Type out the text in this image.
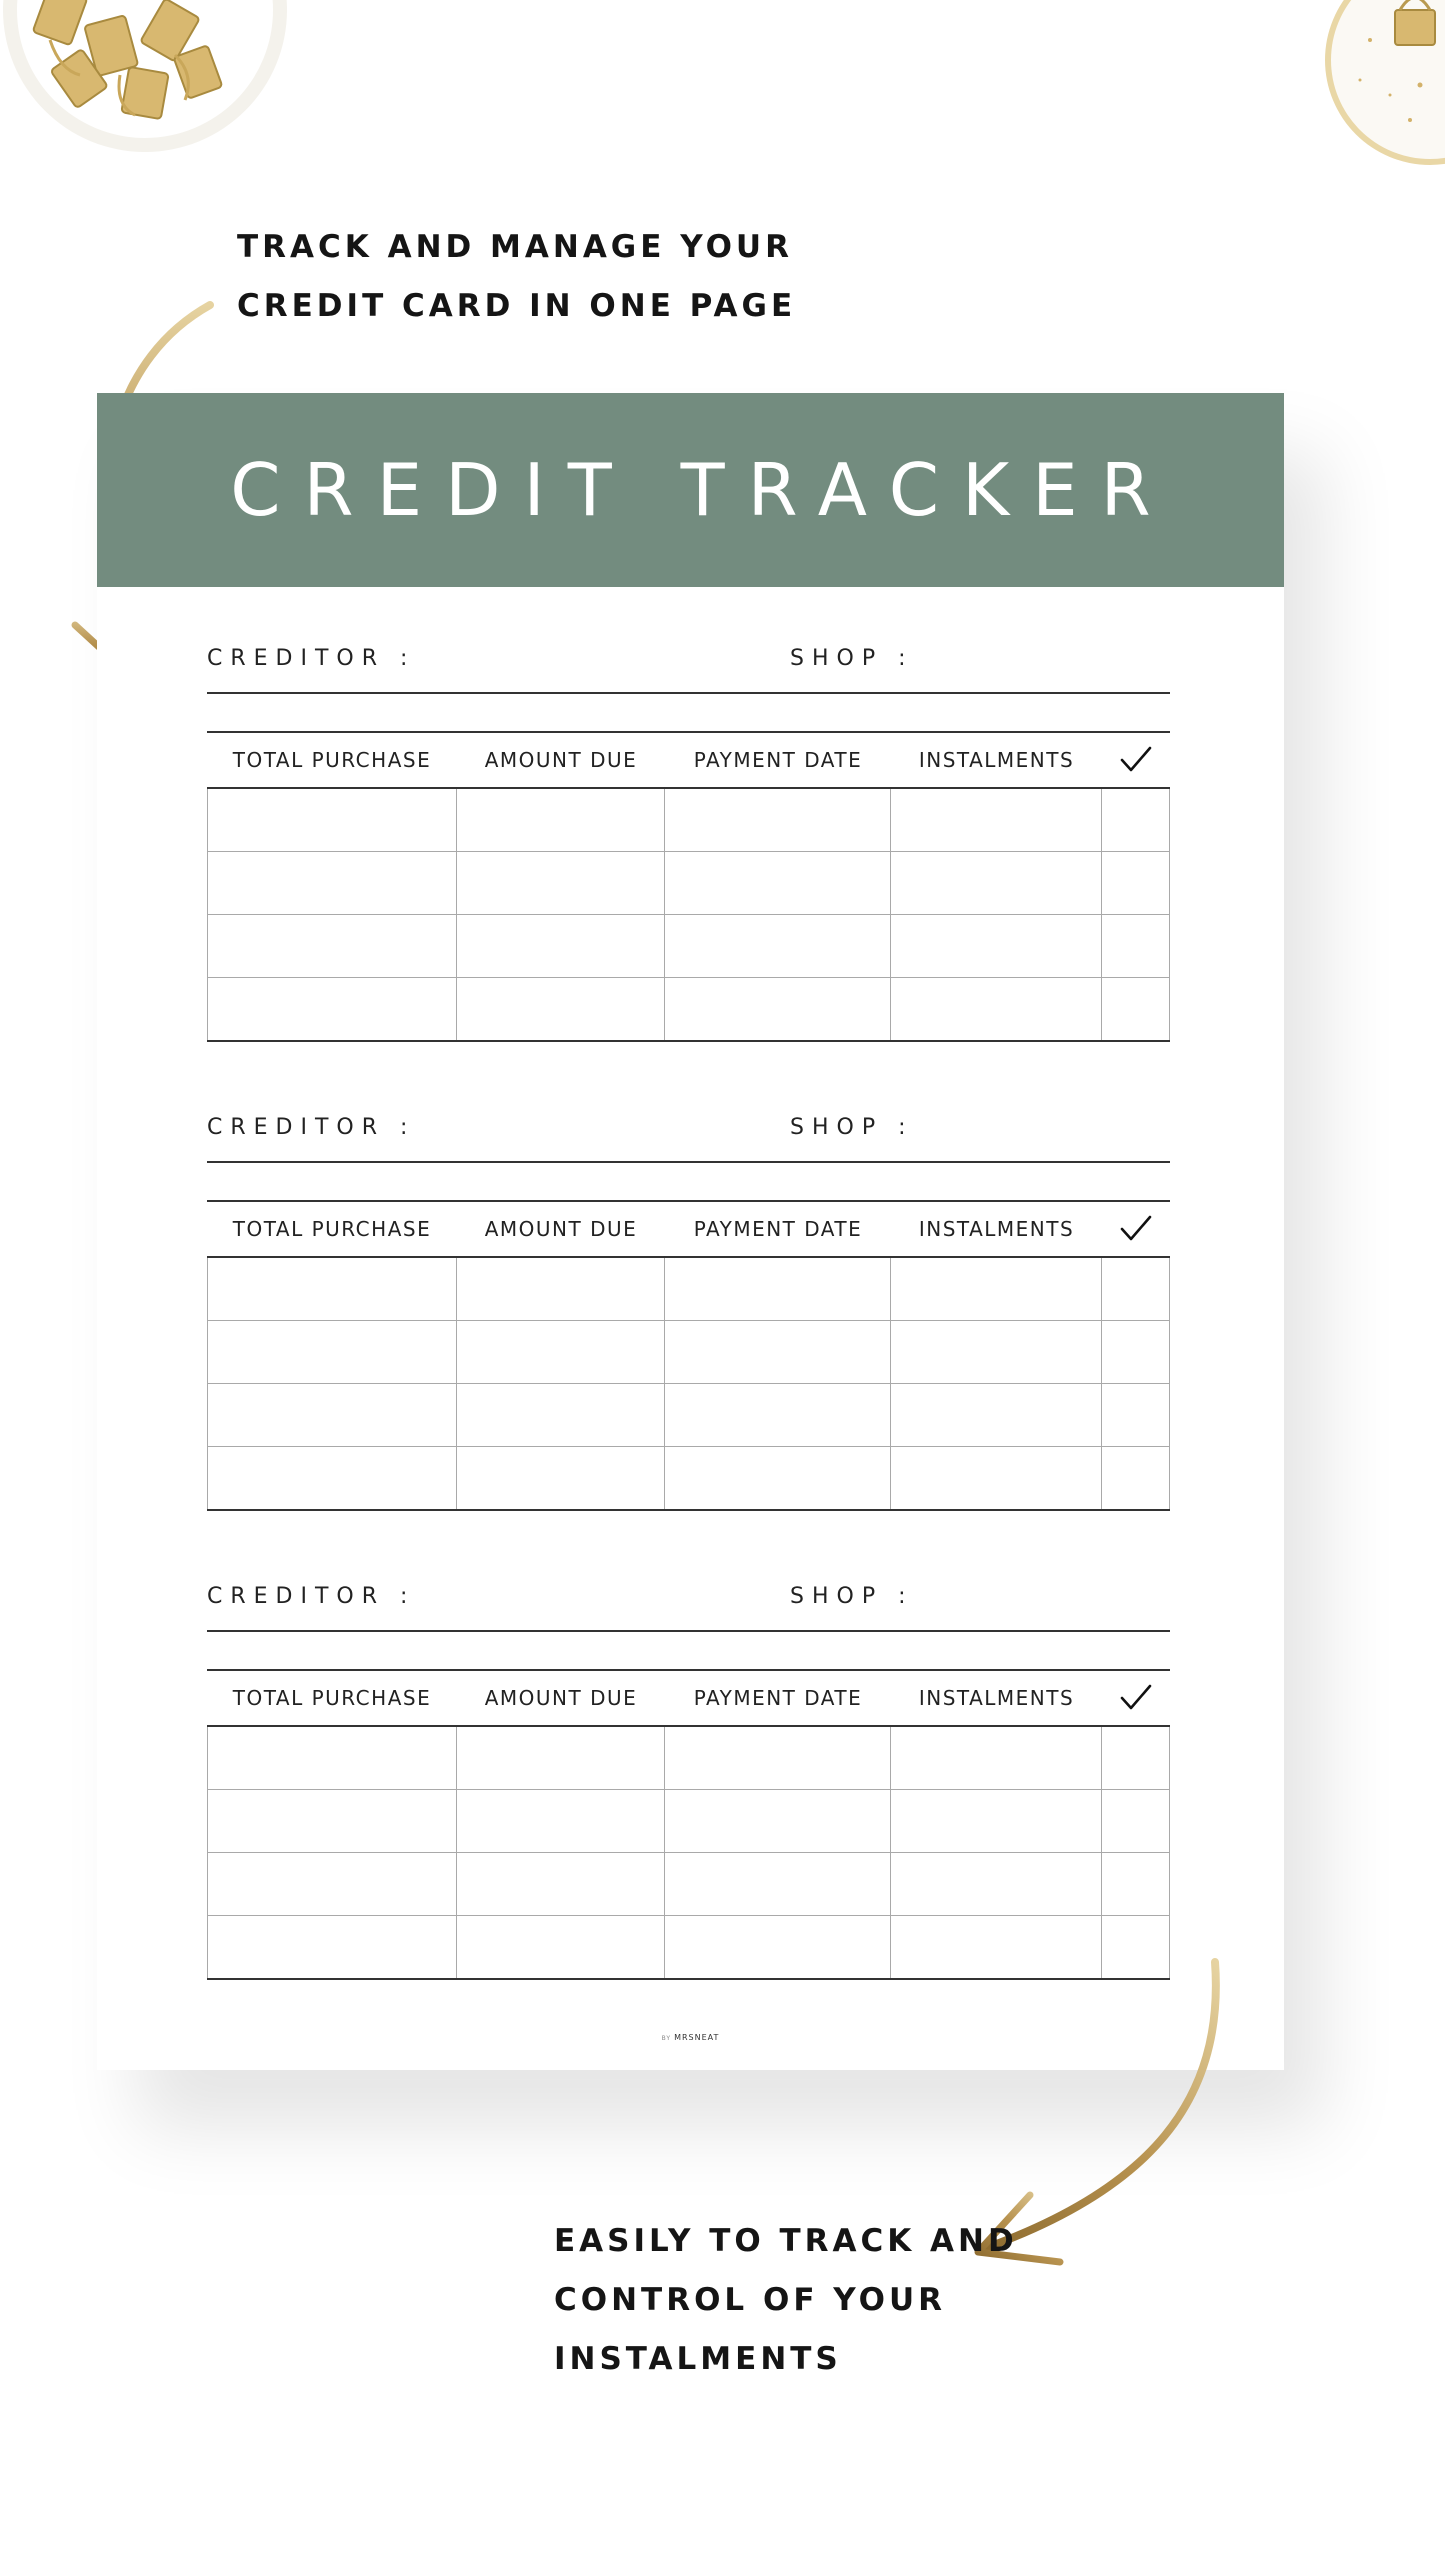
TRACK AND MANAGE YOUR
CREDIT CARD IN ONE PAGE
CREDIT TRACKER
CREDITOR :	SHOP :
TOTAL PURCHASE	AMOUNT DUE	PAYMENT DATE	INSTALMENTS
CREDITOR :	SHOP :
TOTAL PURCHASE	AMOUNT DUE	PAYMENT DATE	INSTALMENTS
CREDITOR :	SHOP :
TOTAL PURCHASE	AMOUNT DUE	PAYMENT DATE	INSTALMENTS
BY MRSNEAT
EASILY TO TRACK AND
CONTROL OF YOUR
INSTALMENTS
